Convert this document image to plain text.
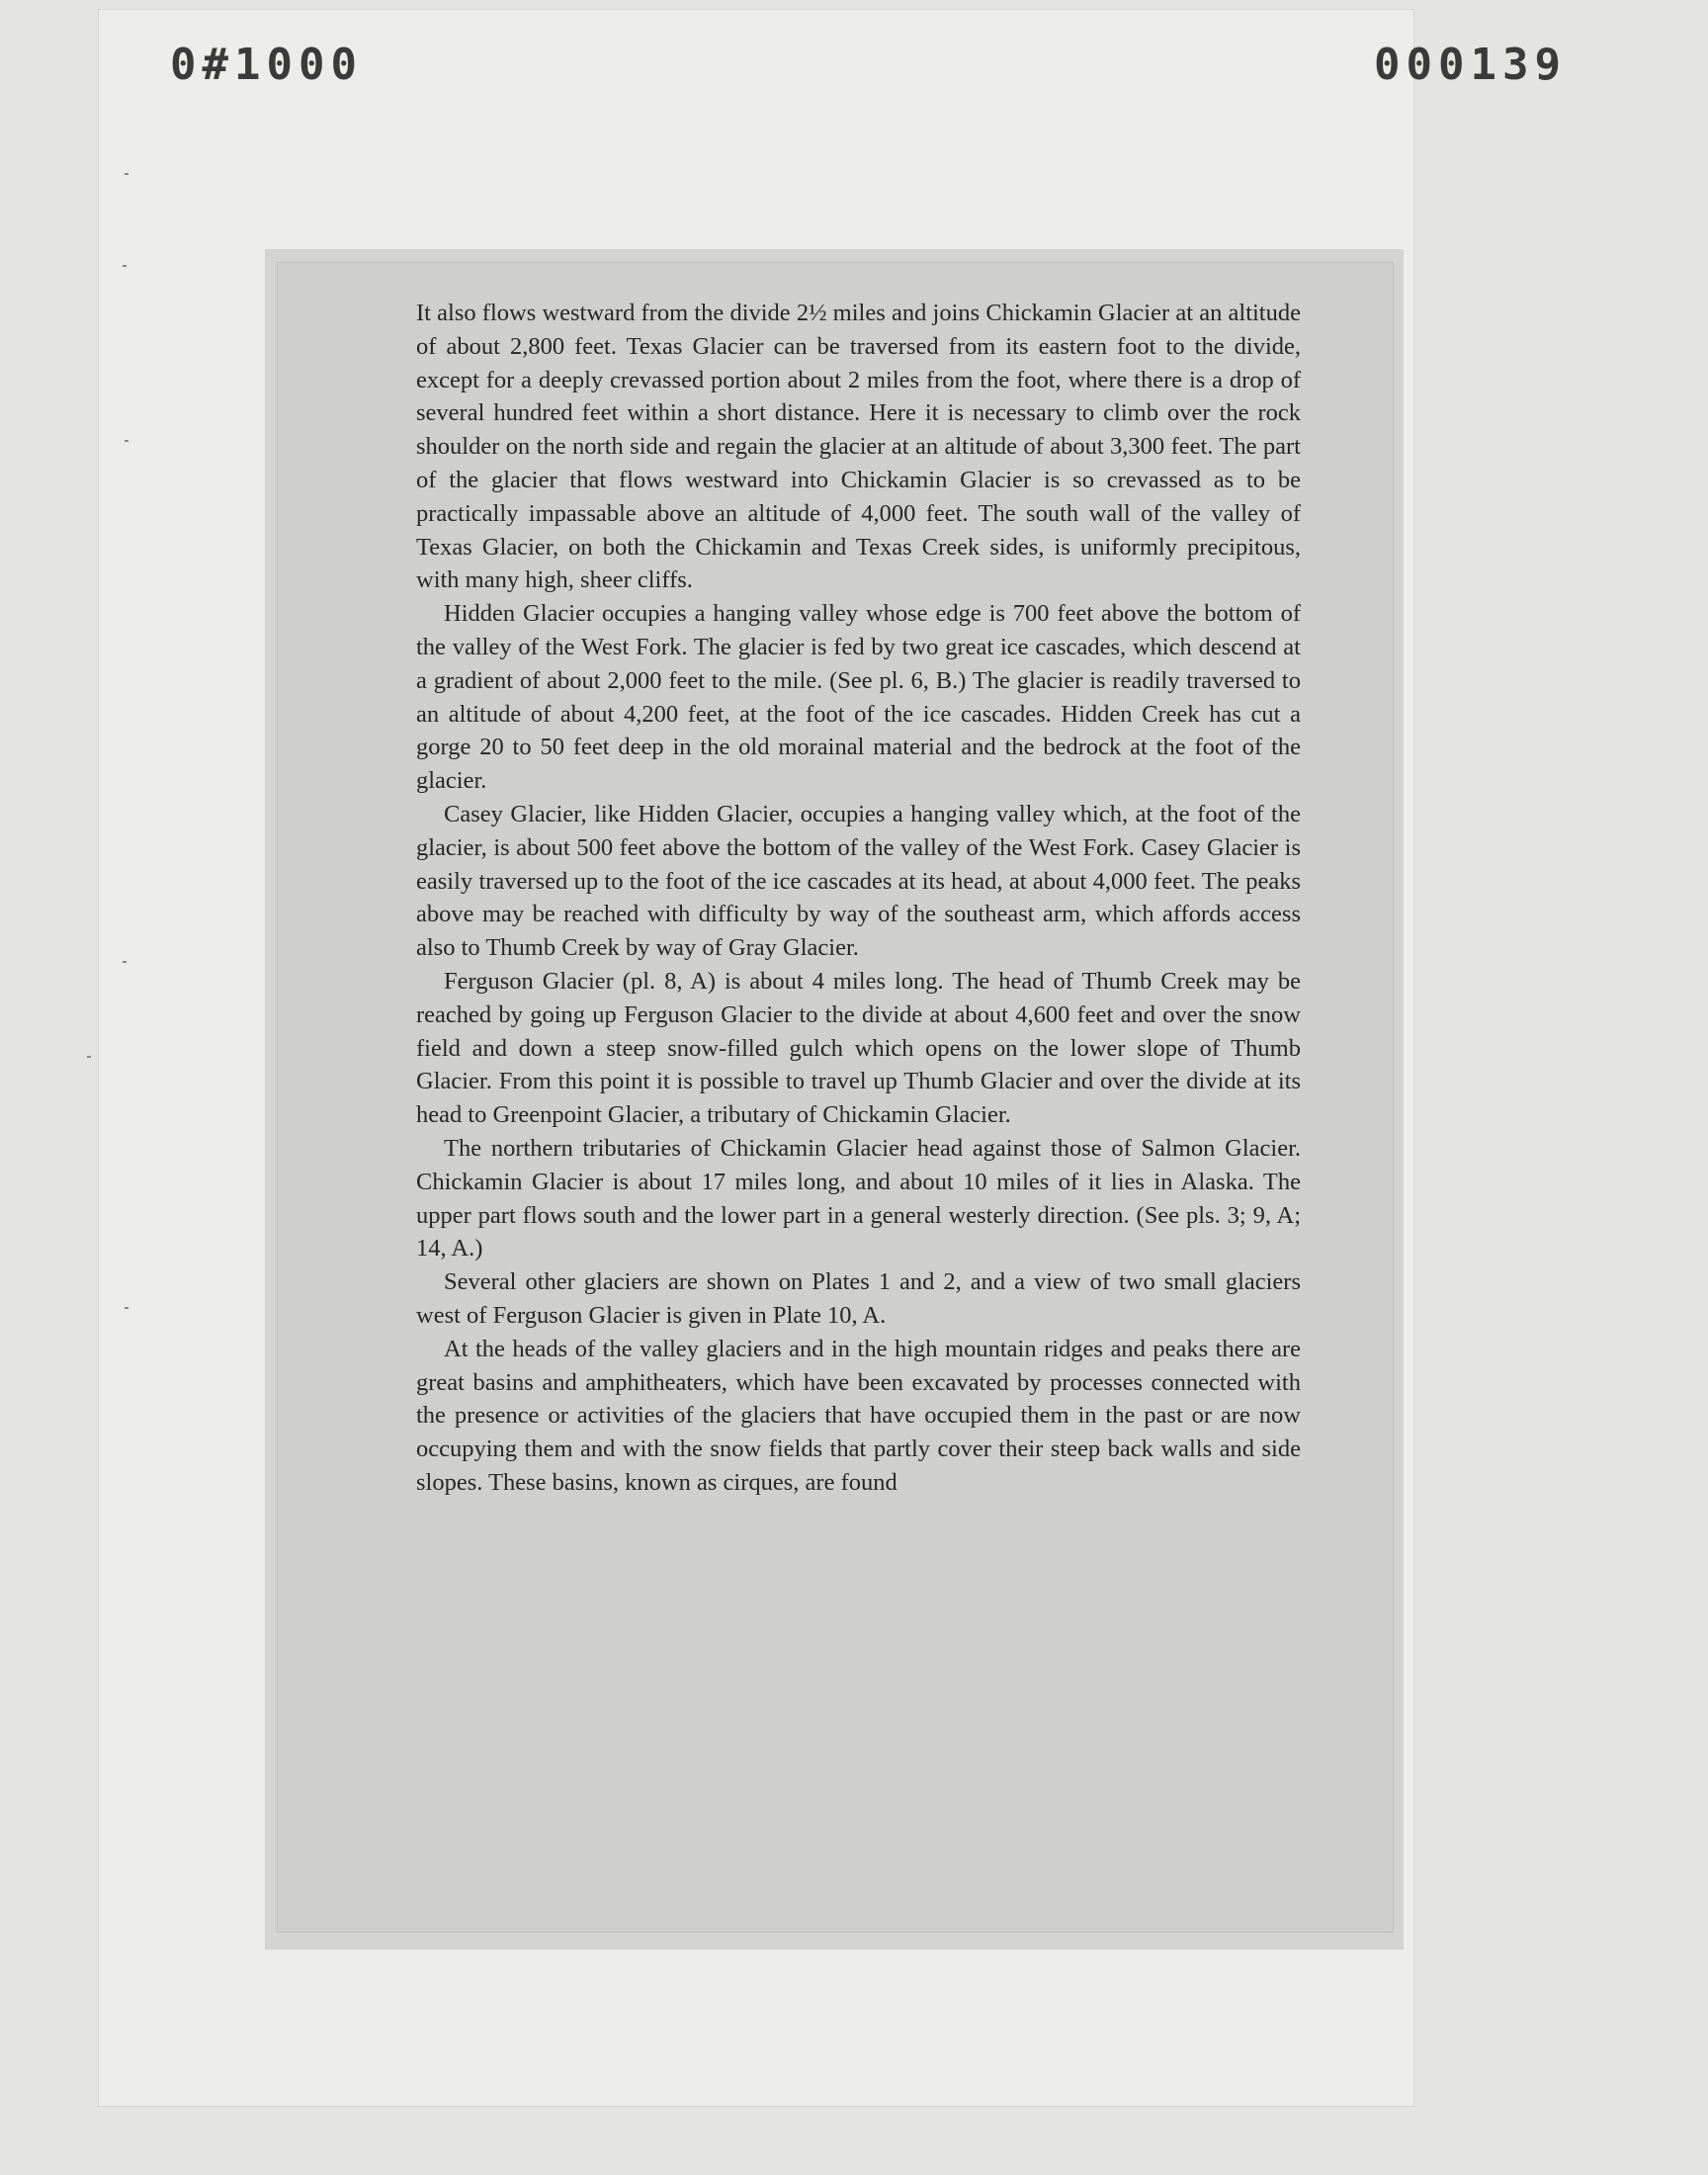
0#1000	000139

It also flows westward from the divide 2½ miles and joins Chickamin Glacier at an altitude of about 2,800 feet. Texas Glacier can be traversed from its eastern foot to the divide, except for a deeply crevassed portion about 2 miles from the foot, where there is a drop of several hundred feet within a short distance. Here it is necessary to climb over the rock shoulder on the north side and regain the glacier at an altitude of about 3,300 feet. The part of the glacier that flows westward into Chickamin Glacier is so crevassed as to be practically impassable above an altitude of 4,000 feet. The south wall of the valley of Texas Glacier, on both the Chickamin and Texas Creek sides, is uniformly precipitous, with many high, sheer cliffs.

Hidden Glacier occupies a hanging valley whose edge is 700 feet above the bottom of the valley of the West Fork. The glacier is fed by two great ice cascades, which descend at a gradient of about 2,000 feet to the mile. (See pl. 6, B.) The glacier is readily traversed to an altitude of about 4,200 feet, at the foot of the ice cascades. Hidden Creek has cut a gorge 20 to 50 feet deep in the old morainal material and the bedrock at the foot of the glacier.

Casey Glacier, like Hidden Glacier, occupies a hanging valley which, at the foot of the glacier, is about 500 feet above the bottom of the valley of the West Fork. Casey Glacier is easily traversed up to the foot of the ice cascades at its head, at about 4,000 feet. The peaks above may be reached with difficulty by way of the southeast arm, which affords access also to Thumb Creek by way of Gray Glacier.

Ferguson Glacier (pl. 8, A) is about 4 miles long. The head of Thumb Creek may be reached by going up Ferguson Glacier to the divide at about 4,600 feet and over the snow field and down a steep snow-filled gulch which opens on the lower slope of Thumb Glacier. From this point it is possible to travel up Thumb Glacier and over the divide at its head to Greenpoint Glacier, a tributary of Chickamin Glacier.

The northern tributaries of Chickamin Glacier head against those of Salmon Glacier. Chickamin Glacier is about 17 miles long, and about 10 miles of it lies in Alaska. The upper part flows south and the lower part in a general westerly direction. (See pls. 3; 9, A; 14, A.)

Several other glaciers are shown on Plates 1 and 2, and a view of two small glaciers west of Ferguson Glacier is given in Plate 10, A.

At the heads of the valley glaciers and in the high mountain ridges and peaks there are great basins and amphitheaters, which have been excavated by processes connected with the presence or activities of the glaciers that have occupied them in the past or are now occupying them and with the snow fields that partly cover their steep back walls and side slopes. These basins, known as cirques, are found
